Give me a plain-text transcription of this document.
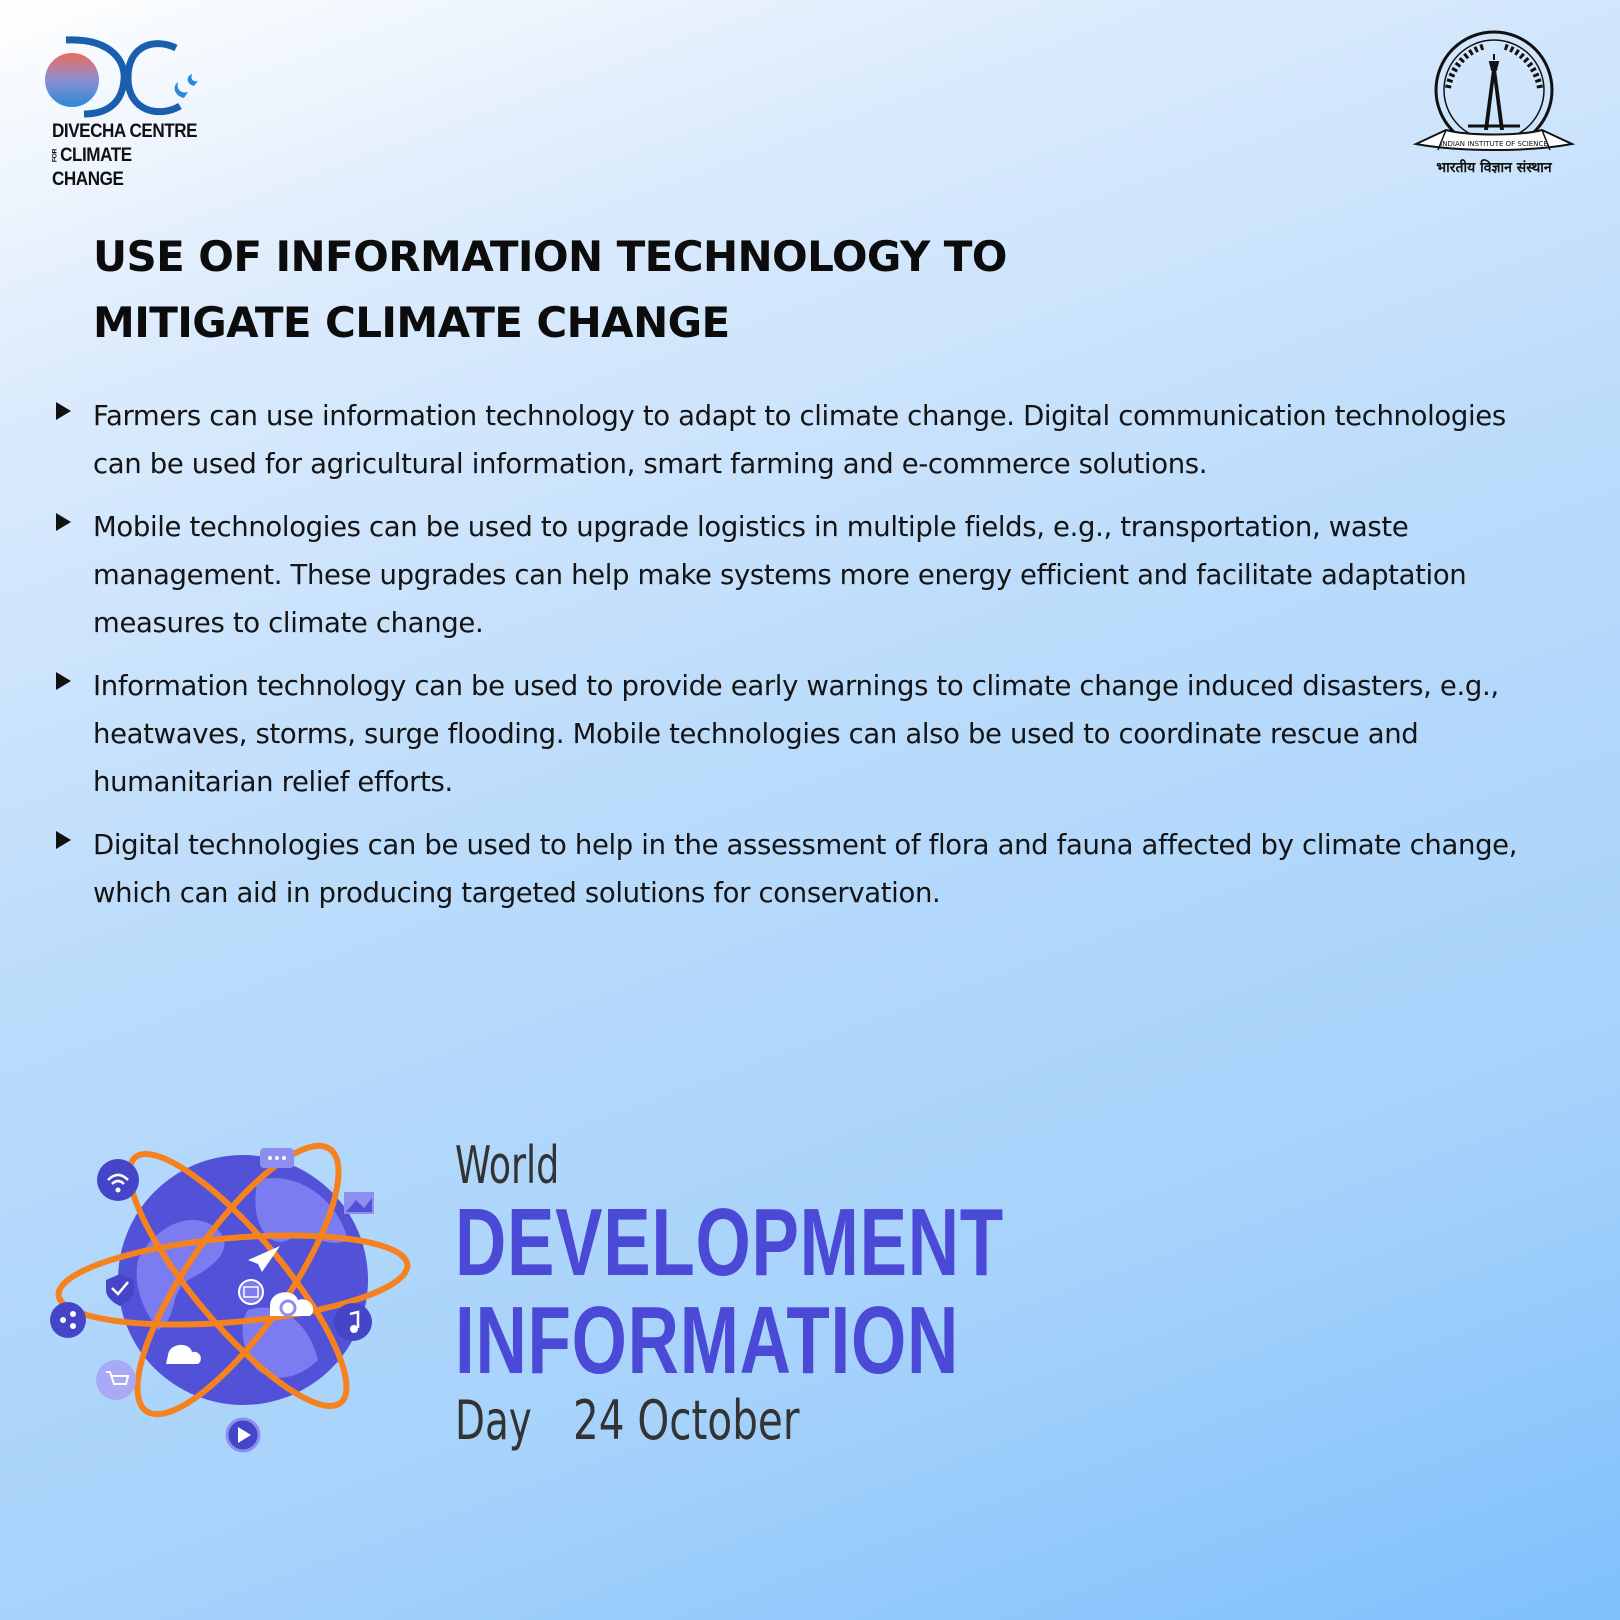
DIVECHA CENTRE
FORCLIMATE CHANGE
INDIAN INSTITUTE OF SCIENCE
भारतीय विज्ञान संस्थान
USE OF INFORMATION TECHNOLOGY TO
MITIGATE CLIMATE CHANGE
Farmers can use information technology to adapt to climate change. Digital communication technologies can be used for agricultural information, smart farming and e-commerce solutions.
Mobile technologies can be used to upgrade logistics in multiple fields, e.g., transportation, waste management. These upgrades can help make systems more energy efficient and facilitate adaptation measures to climate change.
Information technology can be used to provide early warnings to climate change induced disasters, e.g., heatwaves, storms, surge flooding. Mobile technologies can also be used to coordinate rescue and humanitarian relief efforts.
Digital technologies can be used to help in the assessment of flora and fauna affected by climate change, which can aid in producing targeted solutions for conservation.
World
DEVELOPMENT
INFORMATION
Day 24 October
